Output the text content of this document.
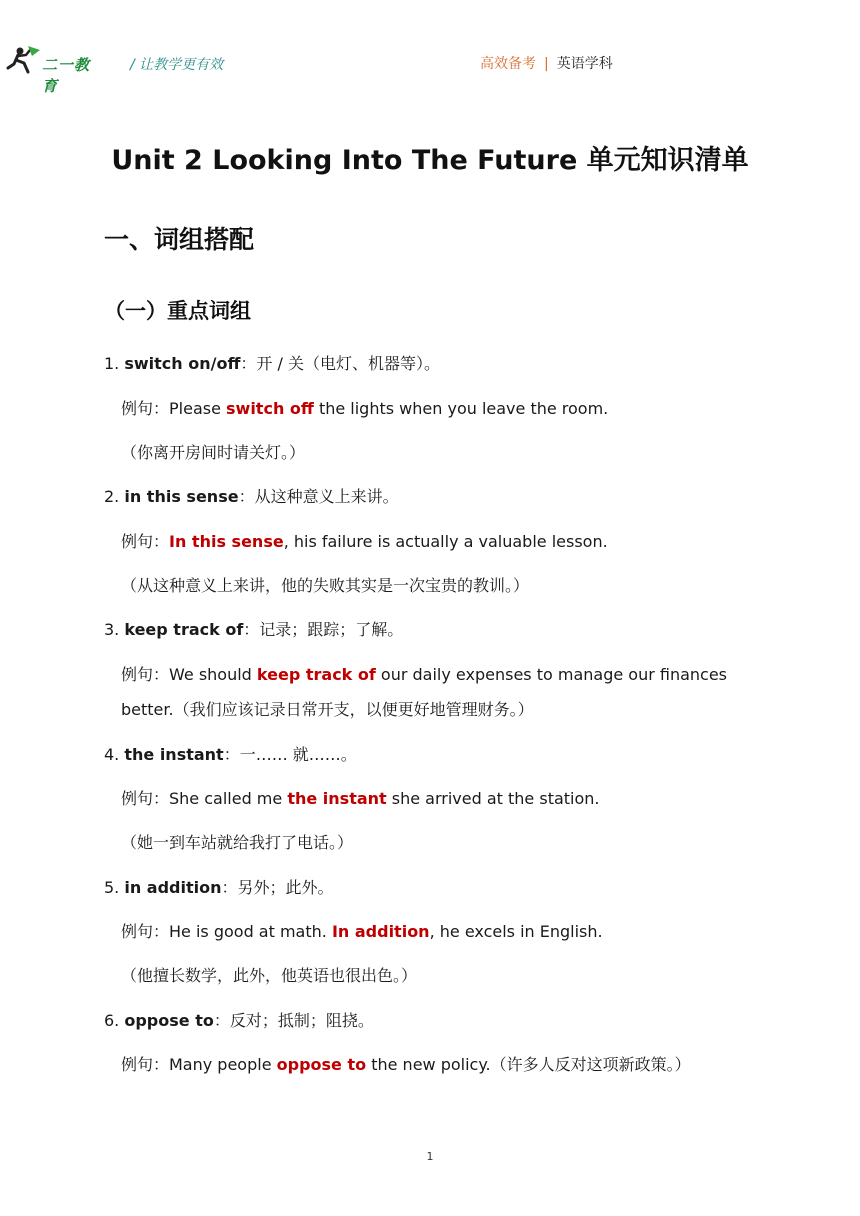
二一教育
/ 让教学更有效	高效备考 | 英语学科
Unit 2 Looking Into The Future 单元知识清单
一、词组搭配
（一）重点词组
1. switch on/off：开 / 关（电灯、机器等）。
例句：Please switch off the lights when you leave the room.
（你离开房间时请关灯。）
2. in this sense：从这种意义上来讲。
例句：In this sense, his failure is actually a valuable lesson.
（从这种意义上来讲，他的失败其实是一次宝贵的教训。）
3. keep track of：记录；跟踪；了解。
例句：We should keep track of our daily expenses to manage our finances
better.（我们应该记录日常开支，以便更好地管理财务。）
4. the instant：一…… 就……。
例句：She called me the instant she arrived at the station.
（她一到车站就给我打了电话。）
5. in addition：另外；此外。
例句：He is good at math. In addition, he excels in English.
（他擅长数学，此外，他英语也很出色。）
6. oppose to：反对；抵制；阻挠。
例句：Many people oppose to the new policy.（许多人反对这项新政策。）
1
